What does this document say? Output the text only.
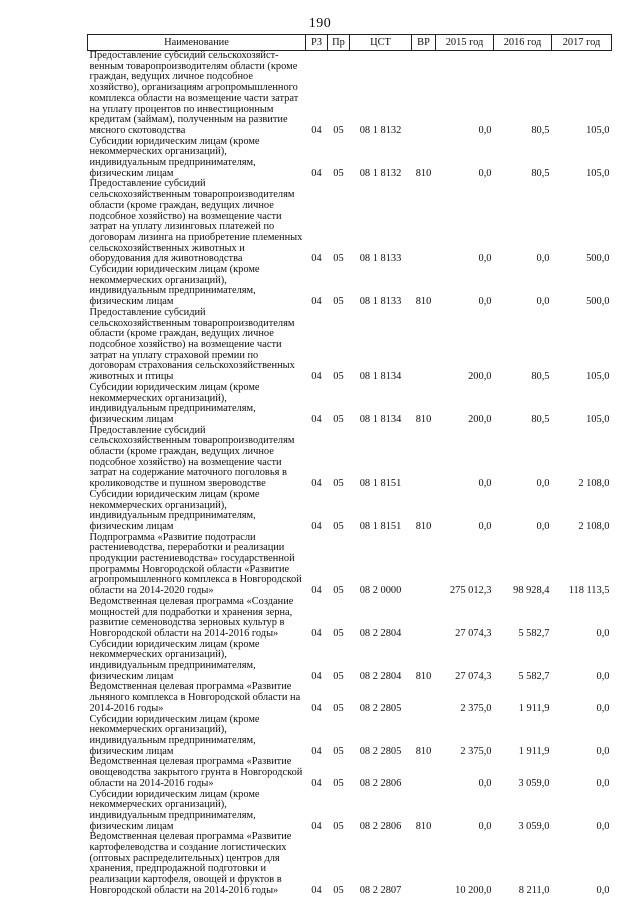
190
Наименование	РЗ	Пр	ЦСТ	ВР	2015 год	2016 год	2017 год
Предоставление субсидий сельскохозяйст-венным товаропроизводителям области (кроме граждан, ведущих личное подсобное хозяйство), организациям агропромышленного комплекса области на возмещение части затрат на уплату процентов по инвестиционным кредитам (займам), полученным на развитие мясного скотоводства	04	05	08 1 8132		0,0	80,5	105,0
Субсидии юридическим лицам (кроме некоммерческих организаций), индивидуальным предпринимателям, физическим лицам	04	05	08 1 8132	810	0,0	80,5	105,0
Предоставление субсидий сельскохозяйственным товаропроизводителям области (кроме граждан, ведущих личное подсобное хозяйство) на возмещение части затрат на уплату лизинговых платежей по договорам лизинга на приобретение племенных сельскохозяйственных животных и оборудования для животноводства	04	05	08 1 8133		0,0	0,0	500,0
Субсидии юридическим лицам (кроме некоммерческих организаций), индивидуальным предпринимателям, физическим лицам	04	05	08 1 8133	810	0,0	0,0	500,0
Предоставление субсидий сельскохозяйственным товаропроизводителям области (кроме граждан, ведущих личное подсобное хозяйство) на возмещение части затрат на уплату страховой премии по договорам страхования сельскохозяйственных животных и птицы	04	05	08 1 8134		200,0	80,5	105,0
Субсидии юридическим лицам (кроме некоммерческих организаций), индивидуальным предпринимателям, физическим лицам	04	05	08 1 8134	810	200,0	80,5	105,0
Предоставление субсидий сельскохозяйственным товаропроизводителям области (кроме граждан, ведущих личное подсобное хозяйство) на возмещение части затрат на содержание маточного поголовья в кролиководстве и пушном звероводстве	04	05	08 1 8151		0,0	0,0	2 108,0
Субсидии юридическим лицам (кроме некоммерческих организаций), индивидуальным предпринимателям, физическим лицам	04	05	08 1 8151	810	0,0	0,0	2 108,0
Подпрограмма «Развитие подотрасли растениеводства, переработки и реализации продукции растениеводства» государственной программы Новгородской области «Развитие агропромышленного комплекса в Новгородской области на 2014-2020 годы»	04	05	08 2 0000		275 012,3	98 928,4	118 113,5
Ведомственная целевая программа «Создание мощностей для подработки и хранения зерна, развитие семеноводства зерновых культур в Новгородской области на 2014-2016 годы»	04	05	08 2 2804		27 074,3	5 582,7	0,0
Субсидии юридическим лицам (кроме некоммерческих организаций), индивидуальным предпринимателям, физическим лицам	04	05	08 2 2804	810	27 074,3	5 582,7	0,0
Ведомственная целевая программа «Развитие льняного комплекса в Новгородской области на 2014-2016 годы»	04	05	08 2 2805		2 375,0	1 911,9	0,0
Субсидии юридическим лицам (кроме некоммерческих организаций), индивидуальным предпринимателям, физическим лицам	04	05	08 2 2805	810	2 375,0	1 911,9	0,0
Ведомственная целевая программа «Развитие овощеводства закрытого грунта в Новгородской области на 2014-2016 годы»	04	05	08 2 2806		0,0	3 059,0	0,0
Субсидии юридическим лицам (кроме некоммерческих организаций), индивидуальным предпринимателям, физическим лицам	04	05	08 2 2806	810	0,0	3 059,0	0,0
Ведомственная целевая программа «Развитие картофелеводства и создание логистических (оптовых распределительных) центров для хранения, предпродажной подготовки и реализации картофеля, овощей и фруктов в Новгородской области на 2014-2016 годы»	04	05	08 2 2807		10 200,0	8 211,0	0,0
